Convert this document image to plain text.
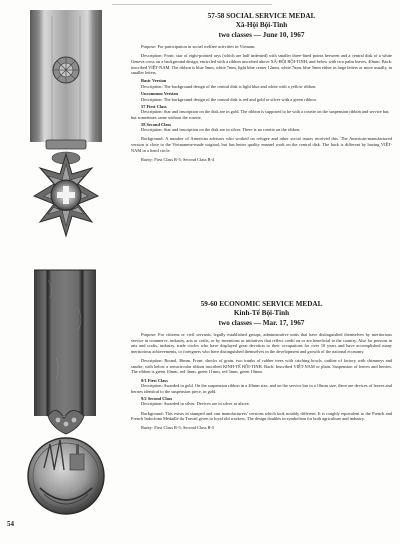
57-58 SOCIAL SERVICE MEDAL
Xã-Hội Bội-Tinh
two classes — June 10, 1967

Purpose: For participation in social welfare activities in Vietnam.

Description: Front: star of eight-pointed rays (which are half indented) with smaller three-lined points between and a central disk of a white Geneva cross on a background design, encircled with a ribbon inscribed above XÃ-HỘI BỘI-TINH, and below with two palm leaves, 40mm. Back: inscribed VIỆT-NAM. The ribbon is blue 5mm, white 7mm, light blue center 12mm, white 7mm, blue 5mm either in large letters or more usually, in smaller letters.

Basic Version

Description: The background design of the central disk is light blue and white with a yellow ribbon.

Uncommon Version

Description: The background design of the central disk is red and gold or silver with a green ribbon.

57 First Class

Description: Star and inscription on the disk are in gold. The ribbon is supposed to be with a rosette on the suspension ribbon and service bar, but sometimes came without the rosette.

58 Second Class

Description: Star and inscription on the disk are in silver. There is no rosette on the ribbon.

Background: A number of American advisors who worked on refugee and other social issues received this. The American-manufactured version is close to the Vietnamese-made original, but has better quality enamel work on the central disk. The back is different by having VIỆT-NAM in a lined circle.

Rarity: First Class R-5; Second Class R-4

59-60 ECONOMIC SERVICE MEDAL
Kinh-Tế Bội-Tinh
two classes — Mar. 17, 1967

Purpose: For citizens or civil servants, legally established groups, administrative units that have distinguished themselves by meritorious service in commerce, industry, arts or crafts, or by inventions or initiatives that reflect credit on or are beneficial to the country. Also for persons in arts and crafts, industry, trade circles who have displayed great devotion to their occupations for over 10 years and have accomplished many meritorious achievements, or foreigners who have distinguished themselves in the development and growth of the national economy.

Description: Round, 36mm. Front: shocks of grain, two trunks of rubber trees with catching bowls, outline of factory with chimneys and smoke, with below a semicircular ribbon inscribed KINH-TẾ BỘI-TINH. Back: Inscribed VIỆT-NAM or plain. Suspension of leaves and berries. The ribbon is green 10mm, red 3mm, green 11mm, red 3mm, green 10mm.

9/1 First Class

Description: Awarded in gold. On the suspension ribbon in a 20mm size, and on the service bar in a 10mm size, there are devices of leaves and berries identical to the suspension piece, in gold.

9/2 Second Class

Description: Awarded in silver. Devices are in silver as above.

Background: This exists in stamped and cast manufacturers' versions which look notably different. It is roughly equivalent to the French and French Indochina Médaille du Travail given to loyal old workers. The design doubles in symbolism for both agriculture and industry.

Rarity: First Class R-5; Second Class R-5

54
